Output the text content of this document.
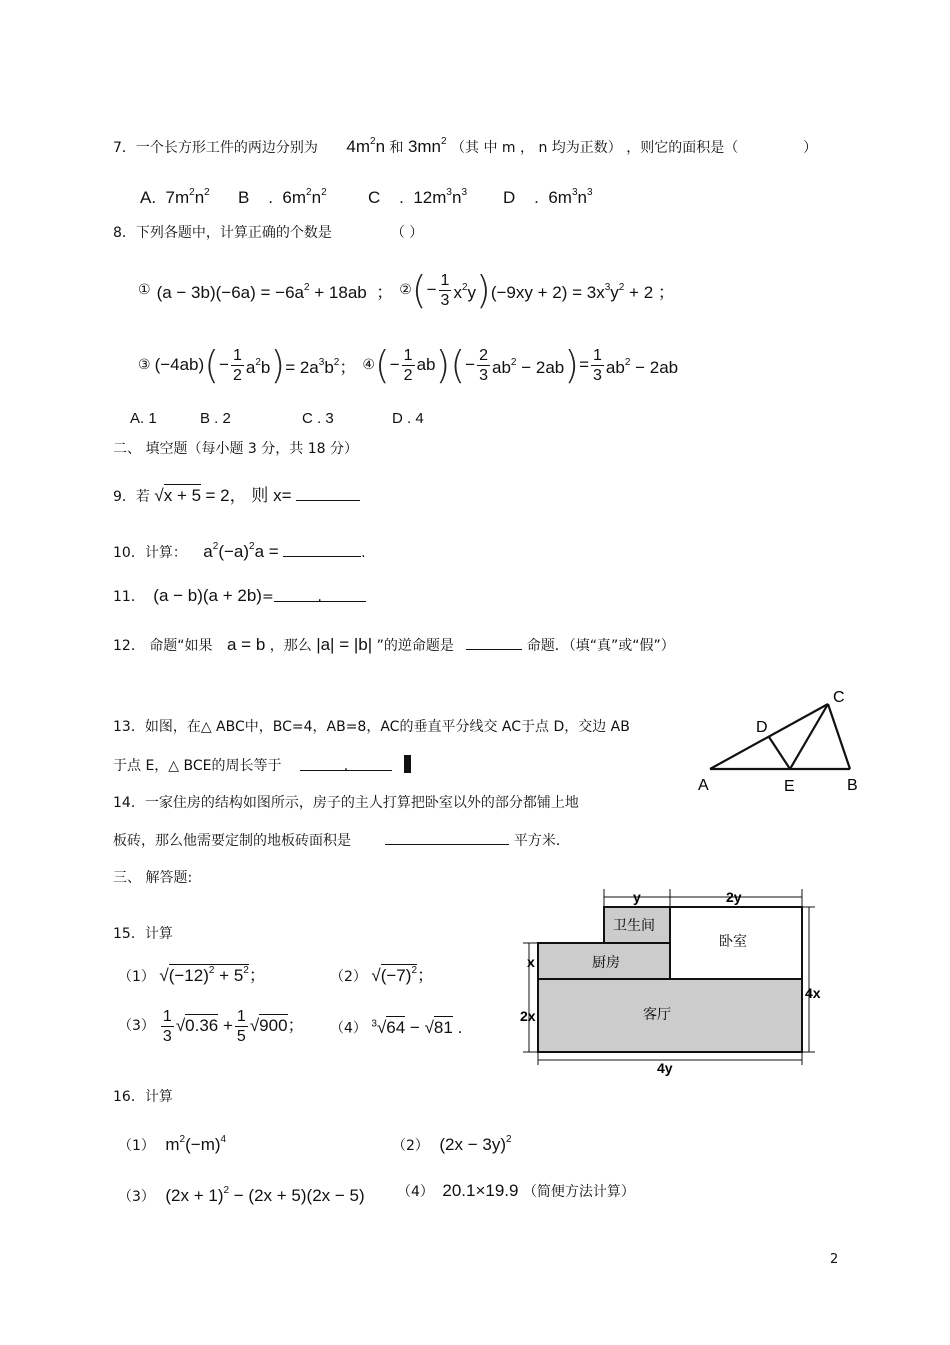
7．一个长方形工件的两边分别为 $4m^2n$ 和 $3mn^2$ （其 中 m ， n 均为正数） ，则它的面积是（	）
A.  $7m^2n^2$ B    .  $6m^2n^2$ C    .  $12m^3n^3$ D    .  $6m^3n^3$
8．下列各题中，计算正确的个数是	（ ）
① $(a - 3b)(-6a) = -6a^2 + 18ab$  ； ② ( − $\frac{1}{3} x^2y$ ) $(-9xy + 2) = 3x^3y^2 + 2$ ；
③ (−4ab) ( − $\frac{1}{2} a^2b$ ) = $2a^3b^2$； ④ ( − $\frac{1}{2}$ ab ) ( − $\frac{2}{3} ab^2 - 2ab$ ) = $\frac{1}{3} ab^2 - 2ab$
A. 1	B . 2	C . 3	D . 4
二、 填空题（每小题 3 分，共 18 分）
9．若 √x + 5 = 2， 则 x=
10．计算： $a^2(-a)^2a$ =	.
11． (a − b)(a + 2b)=	.
12． 命题“如果 a = b ，那么 |a| = |b| ”的逆命题是	命题．（填“真”或“假”）
13．如图，在△ ABC中，BC=4，AB=8，AC的垂直平分线交 AC于点 D，交边 AB
于点 E，△ BCE的周长等于	.
A	B
C
D
E
14．一家住房的结构如图所示，房子的主人打算把卧室以外的部分都铺上地
板砖，那么他需要定制的地板砖面积是	平方米．
三、 解答题:
y	2y
x
2x
4x
4y
卫生间
卧室
厨房
客厅
15．计算
（1） $√(-12)^2 + 5^2$；	（2） $√(-7)^2$；
$(3) \frac{1}{3} √0.36 + \frac{1}{5} √900$； （4） $^3$√64 − √81 .
16．计算
（1） $m^2(-m)^4$	（2） $(2x - 3y)^2$
（3） $(2x + 1)^2 - (2x + 5)(2x - 5)$ （4） 20.1×19.9 （简便方法计算）
2
